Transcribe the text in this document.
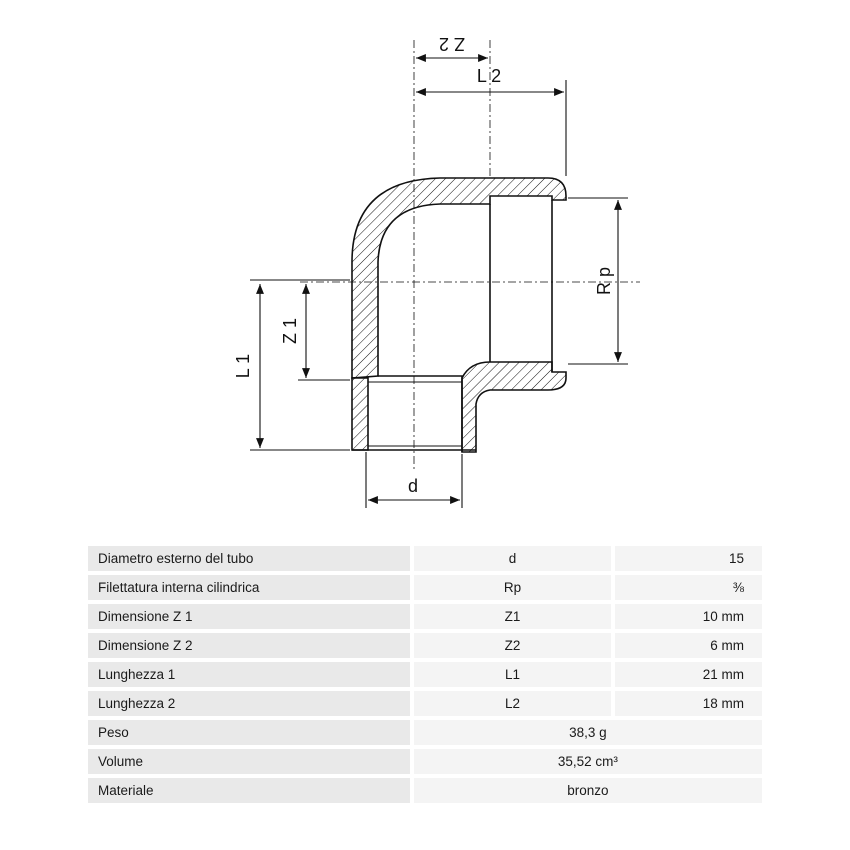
Z 2
L 2
R p
Z 1
L 1
d
Diametro esterno del tubo	d	15

Filettatura interna cilindrica	Rp	⅜

Dimensione Z 1	Z1	10 mm

Dimensione Z 2	Z2	6 mm

Lunghezza 1	L1	21 mm

Lunghezza 2	L2	18 mm

Peso	38,3 g	

Volume	35,52 cm³	

Materiale	bronzo	
